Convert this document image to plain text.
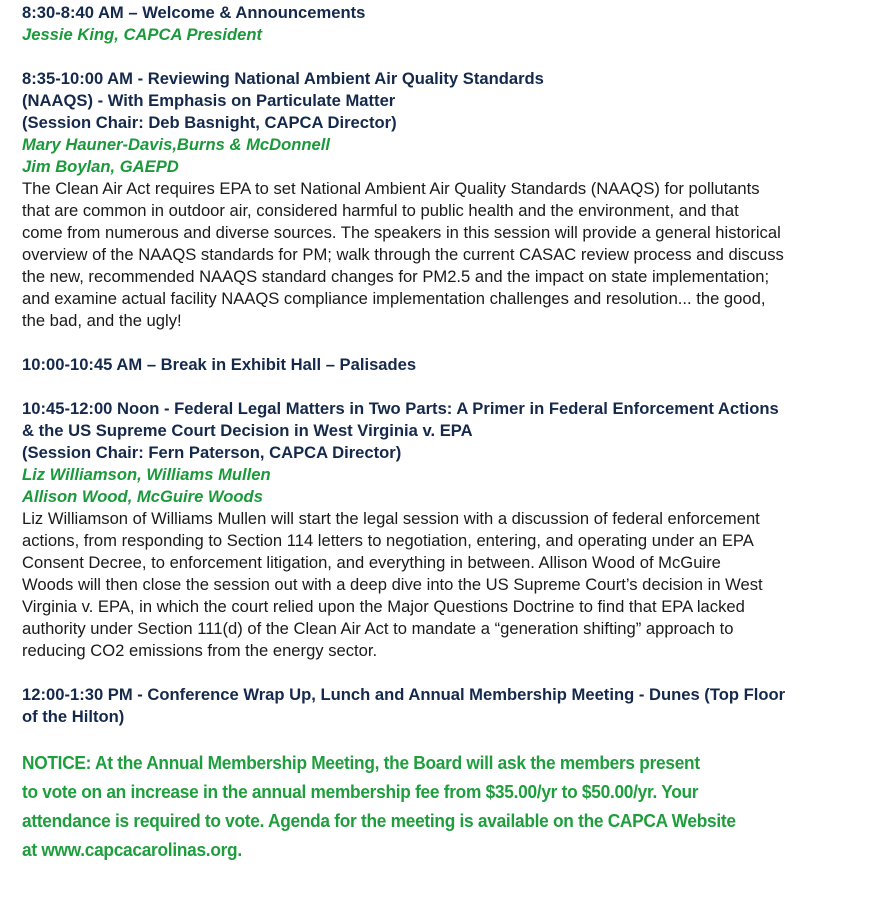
8:30-8:40 AM – Welcome & Announcements
Jessie King, CAPCA President
8:35-10:00 AM - Reviewing National Ambient Air Quality Standards
(NAAQS) - With Emphasis on Particulate Matter
(Session Chair: Deb Basnight, CAPCA Director)
Mary Hauner-Davis,Burns & McDonnell
Jim Boylan, GAEPD
The Clean Air Act requires EPA to set National Ambient Air Quality Standards (NAAQS) for pollutants
that are common in outdoor air, considered harmful to public health and the environment, and that
come from numerous and diverse sources. The speakers in this session will provide a general historical
overview of the NAAQS standards for PM; walk through the current CASAC review process and discuss
the new, recommended NAAQS standard changes for PM2.5 and the impact on state implementation;
and examine actual facility NAAQS compliance implementation challenges and resolution... the good,
the bad, and the ugly!
10:00-10:45 AM – Break in Exhibit Hall – Palisades
10:45-12:00 Noon - Federal Legal Matters in Two Parts: A Primer in Federal Enforcement Actions
& the US Supreme Court Decision in West Virginia v. EPA
(Session Chair: Fern Paterson, CAPCA Director)
Liz Williamson, Williams Mullen
Allison Wood, McGuire Woods
Liz Williamson of Williams Mullen will start the legal session with a discussion of federal enforcement
actions, from responding to Section 114 letters to negotiation, entering, and operating under an EPA
Consent Decree, to enforcement litigation, and everything in between. Allison Wood of McGuire
Woods will then close the session out with a deep dive into the US Supreme Court’s decision in West
Virginia v. EPA, in which the court relied upon the Major Questions Doctrine to find that EPA lacked
authority under Section 111(d) of the Clean Air Act to mandate a “generation shifting” approach to
reducing CO2 emissions from the energy sector.
12:00-1:30 PM - Conference Wrap Up, Lunch and Annual Membership Meeting - Dunes (Top Floor
of the Hilton)
NOTICE: At the Annual Membership Meeting, the Board will ask the members present
to vote on an increase in the annual membership fee from $35.00/yr to $50.00/yr. Your
attendance is required to vote. Agenda for the meeting is available on the CAPCA Website
at www.capcacarolinas.org.
